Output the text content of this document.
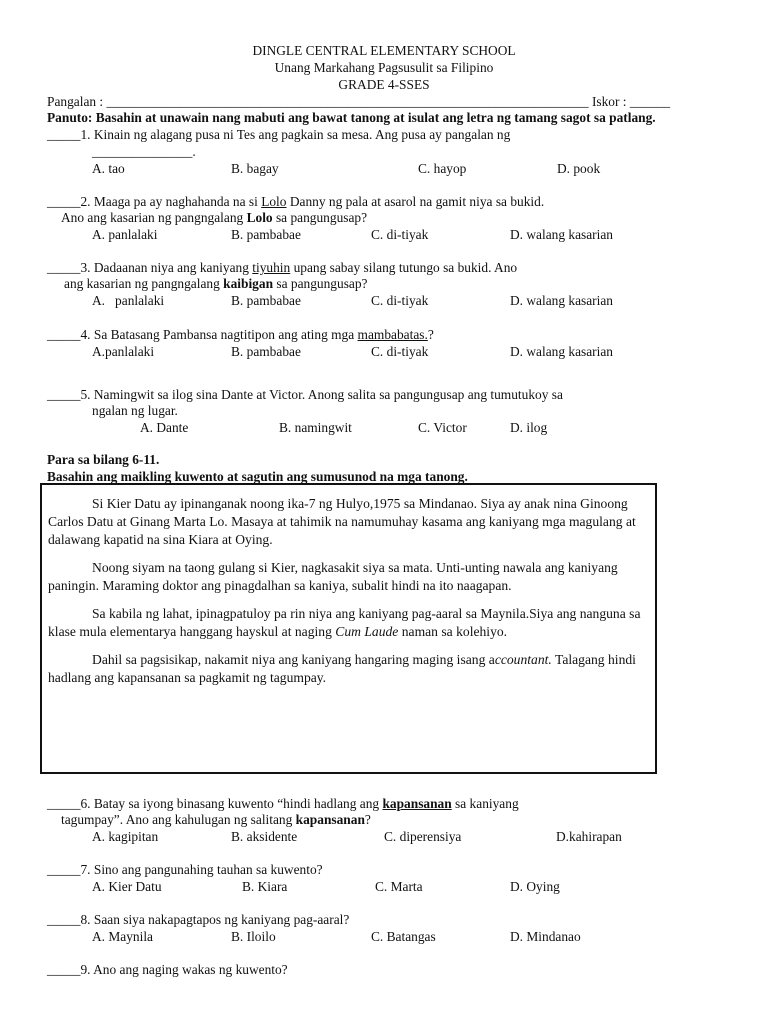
DINGLE CENTRAL ELEMENTARY SCHOOL
Unang Markahang Pagsusulit sa Filipino
GRADE 4-SSES
Pangalan : ________________________________________________________________________ Iskor : ______
Panuto: Basahin at unawain nang mabuti ang bawat tanong at isulat ang letra ng tamang sagot sa patlang.
_____1. Kinain ng alagang pusa ni Tes ang pagkain sa mesa. Ang pusa ay pangalan ng
_______________.
A. tao	B. bagay	C. hayop	D. pook
_____2. Maaga pa ay naghahanda na si Lolo Danny ng pala at asarol na gamit niya sa bukid.
Ano ang kasarian ng pangngalang Lolo sa pangungusap?
A. panlalaki	B. pambabae	C. di-tiyak	D. walang kasarian
_____3. Dadaanan niya ang kaniyang tiyuhin upang sabay silang tutungo sa bukid. Ano
ang kasarian ng pangngalang kaibigan sa pangungusap?
A.   panlalaki	B. pambabae	C. di-tiyak	D. walang kasarian
_____4. Sa Batasang Pambansa nagtitipon ang ating mga mambabatas.?
A.panlalaki	B. pambabae	C. di-tiyak	D. walang kasarian
_____5. Namingwit sa ilog sina Dante at Victor. Anong salita sa pangungusap ang tumutukoy sa
ngalan ng lugar.
A. Dante	B. namingwit	C. Victor	D. ilog
Para sa bilang 6-11.
Basahin ang maikling kuwento at sagutin ang sumusunod na mga tanong.

Si Kier Datu ay ipinanganak noong ika-7 ng Hulyo,1975 sa Mindanao. Siya ay anak nina Ginoong Carlos Datu at Ginang Marta Lo. Masaya at tahimik na namumuhay kasama ang kaniyang mga magulang at dalawang kapatid na sina Kiara at Oying.

Noong siyam na taong gulang si Kier, nagkasakit siya sa mata. Unti-unting nawala ang kaniyang paningin. Maraming doktor ang pinagdalhan sa kaniya, subalit hindi na ito naagapan.

Sa kabila ng lahat, ipinagpatuloy pa rin niya ang kaniyang pag-aaral sa Maynila.Siya ang nanguna sa klase mula elementarya hanggang hayskul at naging Cum Laude naman sa kolehiyo.

Dahil sa pagsisikap, nakamit niya ang kaniyang hangaring maging isang accountant. Talagang hindi hadlang ang kapansanan sa pagkamit ng tagumpay.

_____6. Batay sa iyong binasang kuwento “hindi hadlang ang kapansanan sa kaniyang
tagumpay”. Ano ang kahulugan ng salitang kapansanan?
A. kagipitan	B. aksidente	C. diperensiya	D.kahirapan
_____7. Sino ang pangunahing tauhan sa kuwento?
A. Kier Datu	B. Kiara	C. Marta	D. Oying
_____8. Saan siya nakapagtapos ng kaniyang pag-aaral?
A. Maynila	B. Iloilo	C. Batangas	D. Mindanao
_____9. Ano ang naging wakas ng kuwento?
